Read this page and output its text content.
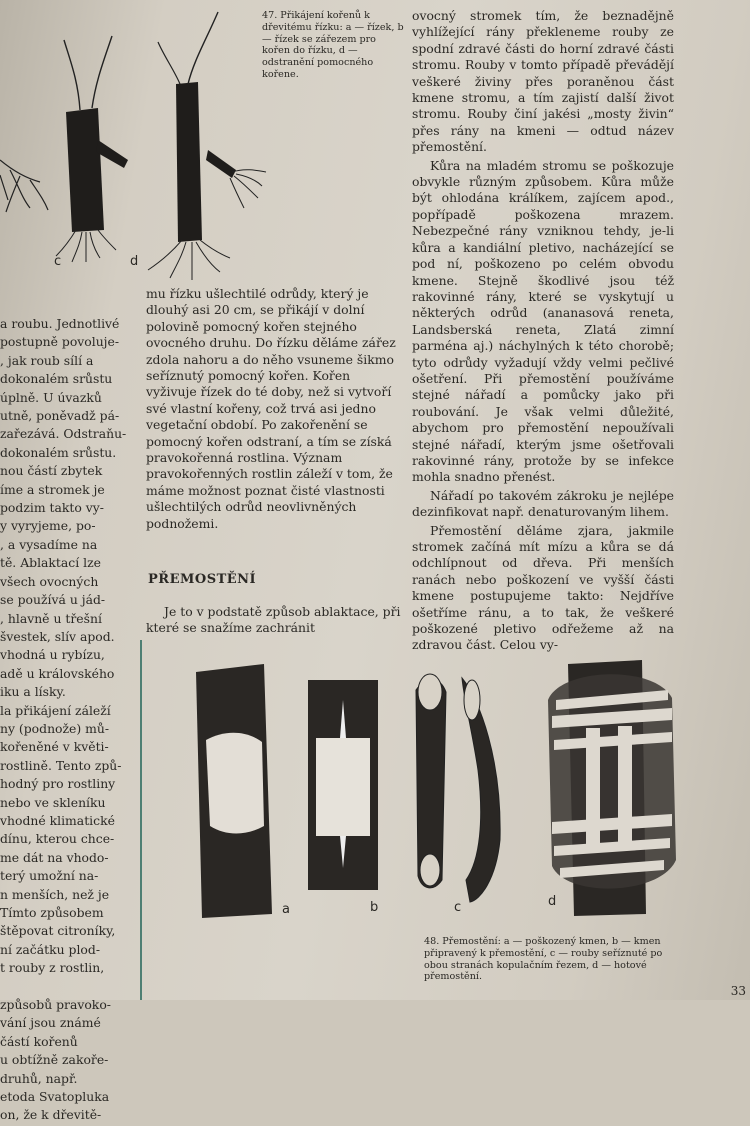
47. Přikájení kořenů k dřevitému řízku: a — řízek, b — řízek se zářezem pro kořen do řízku, d — odstranění pomocného kořene.
c	d

a roubu. Jednotlivé

postupně povoluje-

, jak roub sílí a

dokonalém srůstu

úplně. U úvazků

utně, poněvadž pá-

zařezává. Odstraňu-

dokonalém srůstu.

nou částí zbytek

íme a stromek je

podzim takto vy-

y vyryjeme, po-

, a vysadíme na

tě. Ablaktací lze

všech ovocných

se používá u jád-

, hlavně u třešní

švestek, slív apod.

vhodná u rybízu,

adě u královského

iku a lísky.

la přikájení záleží

ny (podnože) mů-

kořeněné v květi-

rostlině. Tento způ-

hodný pro rostliny

nebo ve skleníku

vhodné klimatické

dínu, kterou chce-

me dát na vhodo-

terý umožní na-

n menších, než je

Tímto způsobem

štěpovat citroníky,

ní začátku plod-

t rouby z rostlin,

způsobů pravoko-

vání jsou známé

částí kořenů

u obtížně zakoře-

druhů, např.

etoda Svatopluka

on, že k dřevitě-

mu řízku ušlechtilé odrůdy, který je dlouhý asi 20 cm, se přikájí v dolní polovině pomocný kořen stejného ovocného druhu. Do řízku děláme zářez zdola nahoru a do něho vsuneme šikmo seříznutý pomocný kořen. Kořen vyživuje řízek do té doby, než si vytvoří své vlastní kořeny, což trvá asi jedno vegetační období. Po zakořenění se pomocný kořen odstraní, a tím se získá pravokořenná rostlina. Význam pravokořenných rostlin záleží v tom, že máme možnost poznat čisté vlastnosti ušlechtilých odrůd neovlivněných podnožemi.

PŘEMOSTĚNÍ

Je to v podstatě způsob ablaktace, při které se snažíme zachránit

ovocný stromek tím, že beznadějně vyhlížející rány překleneme rouby ze spodní zdravé části do horní zdravé části stromu. Rouby v tomto případě převádějí veškeré živiny přes poraněnou část kmene stromu, a tím zajistí další život stromu. Rouby činí jakési „mosty živin“ přes rány na kmeni — odtud název přemostění.

Kůra na mladém stromu se poškozuje obvykle různým způsobem. Kůra může být ohlodána králíkem, zajícem apod., popřípadě poškozena mrazem. Nebezpečné rány vzniknou tehdy, je-li kůra a kandiální pletivo, nacházející se pod ní, poškozeno po celém obvodu kmene. Stejně škodlivé jsou též rakovinné rány, které se vyskytují u některých odrůd (ananasová reneta, Landsberská reneta, Zlatá zimní parména aj.) náchylných k této chorobě; tyto odrůdy vyžadují vždy velmi pečlivé ošetření. Při přemostění používáme stejné nářadí a pomůcky jako při roubování. Je však velmi důležité, abychom pro přemostění nepoužívali stejné nářadí, kterým jsme ošetřovali rakovinné rány, protože by se infekce mohla snadno přenést.

Nářadí po takovém zákroku je nejlépe dezinfikovat např. denaturovaným lihem.

Přemostění děláme zjara, jakmile stromek začíná mít mízu a kůra se dá odchlípnout od dřeva. Při menších ranách nebo poškození ve vyšší části kmene postupujeme takto: Nejdříve ošetříme ránu, a to tak, že veškeré poškozené pletivo odřežeme až na zdravou část. Celou vy-

a	b	c	d
48. Přemostění: a — poškozený kmen, b — kmen připravený k přemostění, c — rouby seříznuté po obou stranách kopulačním řezem, d — hotové přemostění.
33
